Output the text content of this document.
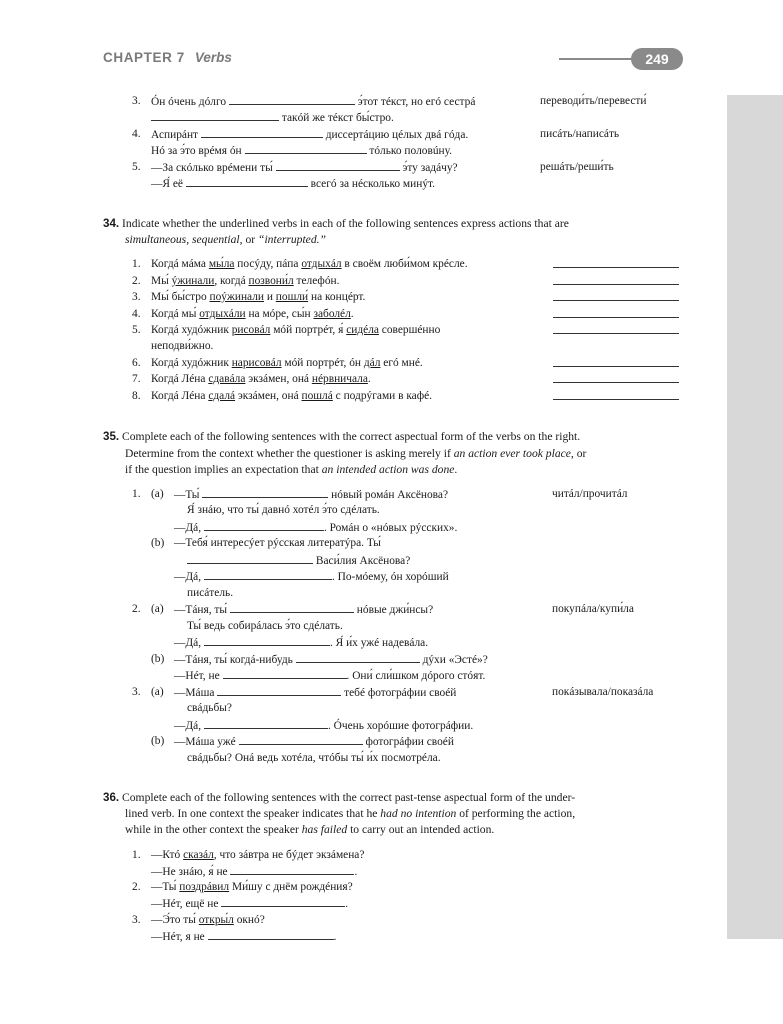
CHAPTER 7 Verbs	249
3. Óн óчень дóлго	э́тот тéкст, но егó сестрá	переводи́ть/перевести́
такóй же тéкст бы́стро.
4. Аспирáнт	диссертáцию цéлых двá гóда.	писáть/написáть
Нó за э́то врéмя óн	тóлько половúну.
5. —За скóлько врéмени ты́	э́ту задáчу?	решáть/реши́ть
—Я́ её	всегó за нéсколько минýт.
34. Indicate whether the underlined verbs in each of the following sentences express actions that are
simultaneous, sequential, or “interrupted.”
1. Когдá мáма мы́ла посýду, пáпа отдыхáл в своём люби́мом крéсле.
2. Мы́ ýжинали, когдá позвони́л телефóн.
3. Мы́ бы́стро поýжинали и пошли́ на концéрт.
4. Когдá мы́ отдыхáли на мóре, сы́н заболéл.
5. Когдá худóжник рисовáл мóй портрéт, я́ сидéла совершéнно
неподви́жно.
6. Когдá худóжник нарисовáл мóй портрéт, óн дáл егó мнé.
7. Когдá Лéна сдавáла экзáмен, онá нéрвничала.
8. Когдá Лéна сдалá экзáмен, онá пошлá с подрýгами в кафé.
35. Complete each of the following sentences with the correct aspectual form of the verbs on the right.
Determine from the context whether the questioner is asking merely if an action ever took place, or
if the question implies an expectation that an intended action was done.
1. (a) —Ты́	нóвый ромáн Аксёнова?	читáл/прочитáл
Я́ знáю, что ты́ давнó хотéл э́то сдéлать.
—Дá,	. Ромáн о «нóвых рýсских».
(b) —Тебя́ интересýет рýсская литератýра. Ты́
Васи́лия Аксёнова?
—Дá,	. По-мóему, óн хорóший
писáтель.
2. (a) —Тáня, ты́	нóвые джи́нсы?	покупáла/купи́ла
Ты́ ведь собирáлась э́то сдéлать.
—Дá,	. Я́ и́х ужé надевáла.
(b) —Тáня, ты́ когдá-нибудь	дýхи «Эстé»?
—Нéт, не	. Они́ сли́шком дóрого стóят.
3. (a) —Мáша	тебé фотогрáфии своéй	покáзывала/показáла
свáдьбы?
—Дá,	. Óчень хорóшие фотогрáфии.
(b) —Мáша ужé	фотогрáфии своéй
свáдьбы? Онá ведь хотéла, чтóбы ты́ и́х посмотрéла.
36. Complete each of the following sentences with the correct past-tense aspectual form of the under-
lined verb. In one context the speaker indicates that he had no intention of performing the action,
while in the other context the speaker has failed to carry out an intended action.
1. —Ктó сказáл, что зáвтра не бýдет экзáмена?
—Не знáю, я́ не	.
2. —Ты́ поздрáвил Ми́шу с днём рождéния?
—Нéт, ещё не	.
3. —Э́то ты́ откры́л окнó?
—Нéт, я не	.
